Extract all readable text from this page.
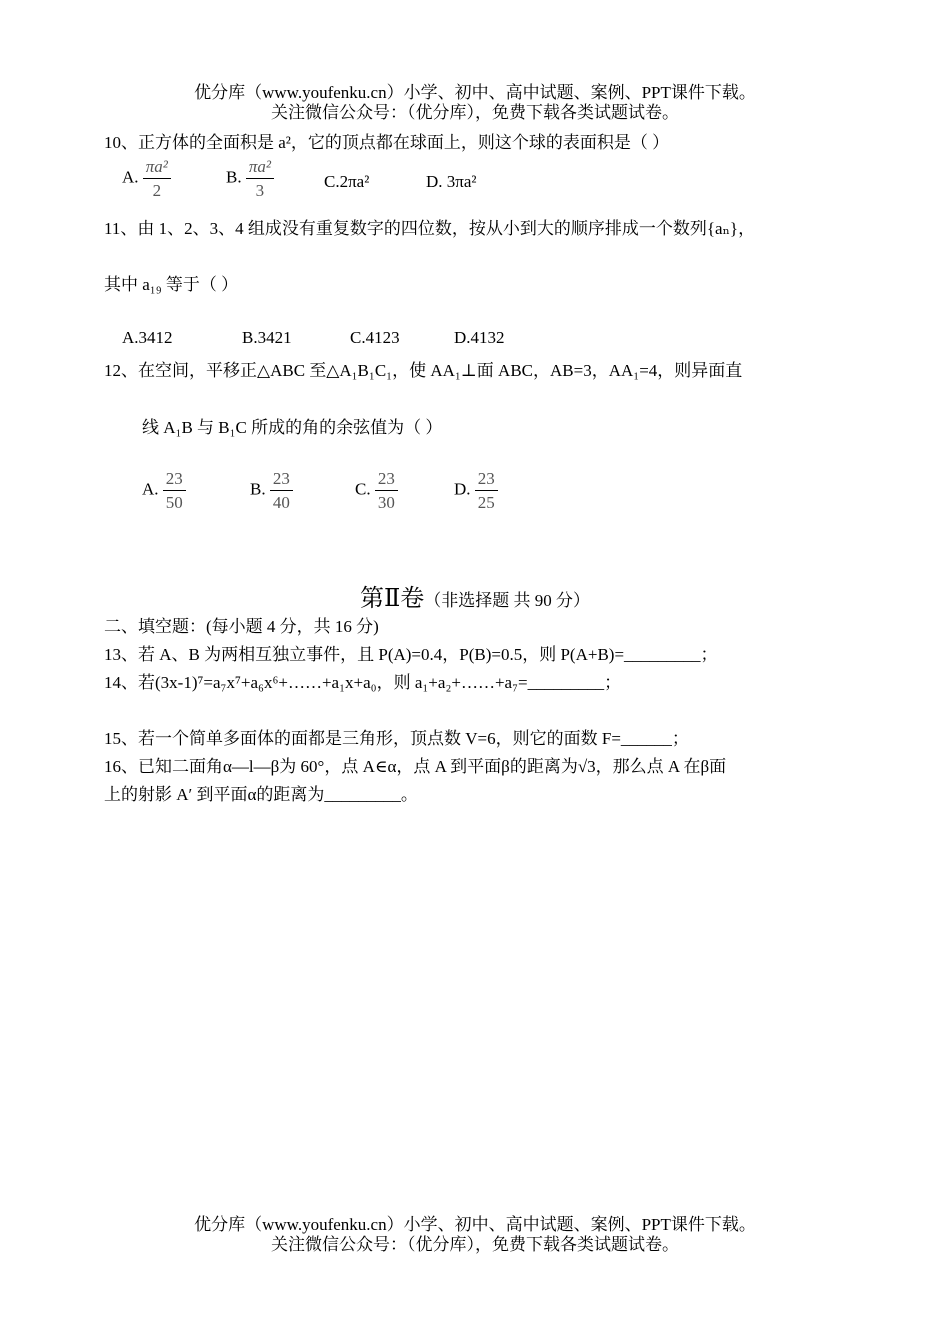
优分库（www.youfenku.cn）小学、初中、高中试题、案例、PPT课件下载。
关注微信公众号：（优分库），免费下载各类试题试卷。
10、正方体的全面积是 a²，它的顶点都在球面上，则这个球的表面积是（ ）
A. $\frac{\text{πa²}}{2}$	B. $\frac{\text{πa²}}{3}$	C.2πa²	D. 3πa²
11、由 1、2、3、4 组成没有重复数字的四位数，按从小到大的顺序排成一个数列{aₙ}，
其中 a₁₉ 等于（ ）
A.3412	B.3421	C.4123	D.4132
12、在空间，平移正△ABC 至△A₁B₁C₁，使 AA₁⊥面 ABC，AB=3，AA₁=4，则异面直
线 A₁B 与 B₁C 所成的角的余弦值为（ ）
A. $\frac{23}{50}$	B. $\frac{23}{40}$	C. $\frac{23}{30}$	D. $\frac{23}{25}$
第Ⅱ卷（非选择题 共 90 分）
二、填空题：(每小题 4 分，共 16 分)
13、若 A、B 为两相互独立事件，且 P(A)=0.4，P(B)=0.5，则 P(A+B)=_________；
14、若(3x-1)⁷=a₇x⁷+a₆x⁶+……+a₁x+a₀，则 a₁+a₂+……+a₇=_________；
15、若一个简单多面体的面都是三角形，顶点数 V=6，则它的面数 F=______；
16、已知二面角α—l—β为 60°，点 A∈α，点 A 到平面β的距离为√3，那么点 A 在β面
上的射影 A′ 到平面α的距离为_________。
优分库（www.youfenku.cn）小学、初中、高中试题、案例、PPT课件下载。
关注微信公众号：（优分库），免费下载各类试题试卷。
